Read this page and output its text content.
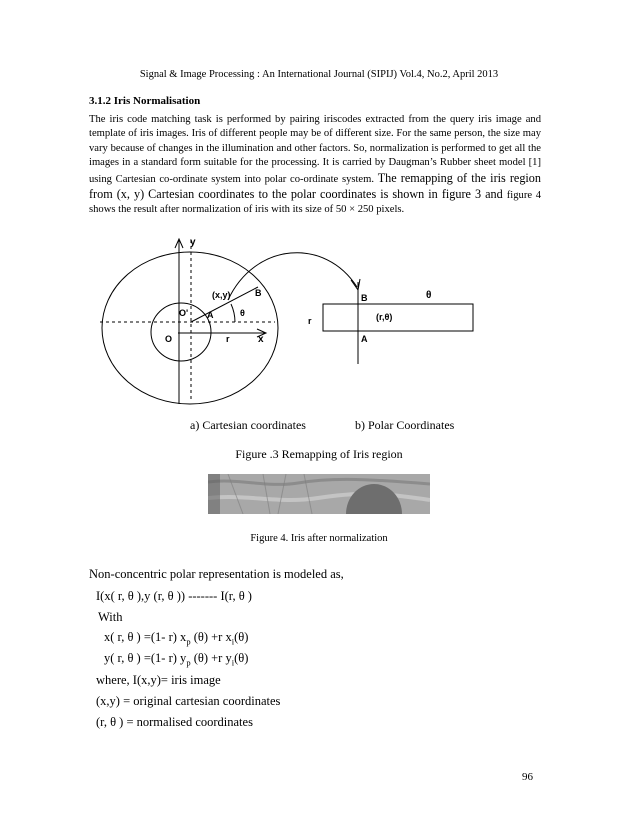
Signal & Image Processing : An International Journal (SIPIJ) Vol.4, No.2, April 2013
3.1.2 Iris Normalisation
The iris code matching task is performed by pairing iriscodes extracted from the query iris image and template of iris images. Iris of different people may be of different size. For the same person, the size may vary because of changes in the illumination and other factors. So, normalization is performed to get all the images in a standard form suitable for the processing. It is carried by Daugman’s Rubber sheet model [1] using Cartesian co-ordinate system into polar co-ordinate system. The remapping of the iris region from (x, y) Cartesian coordinates to the polar coordinates is shown in figure 3 and figure 4 shows the result after normalization of iris with its size of 50 × 250 pixels.
y
x
(x,y)	B
O' A	θ
O	r
B	θ
r	(r,θ)
A
a) Cartesian coordinates	b) Polar Coordinates
Figure .3 Remapping of Iris region
Figure 4. Iris after normalization
Non-concentric polar representation is modeled as,
I(x( r, θ ),y (r, θ )) ------- I(r, θ )
With
x( r, θ ) =(1- r) $x_p$ (θ) +r $x_i(\theta)$
y( r, θ ) =(1- r) $y_p$ (θ) +r $y_i(\theta)$
where, I(x,y)= iris image
(x,y) = original cartesian coordinates
(r, θ ) = normalised coordinates
96
